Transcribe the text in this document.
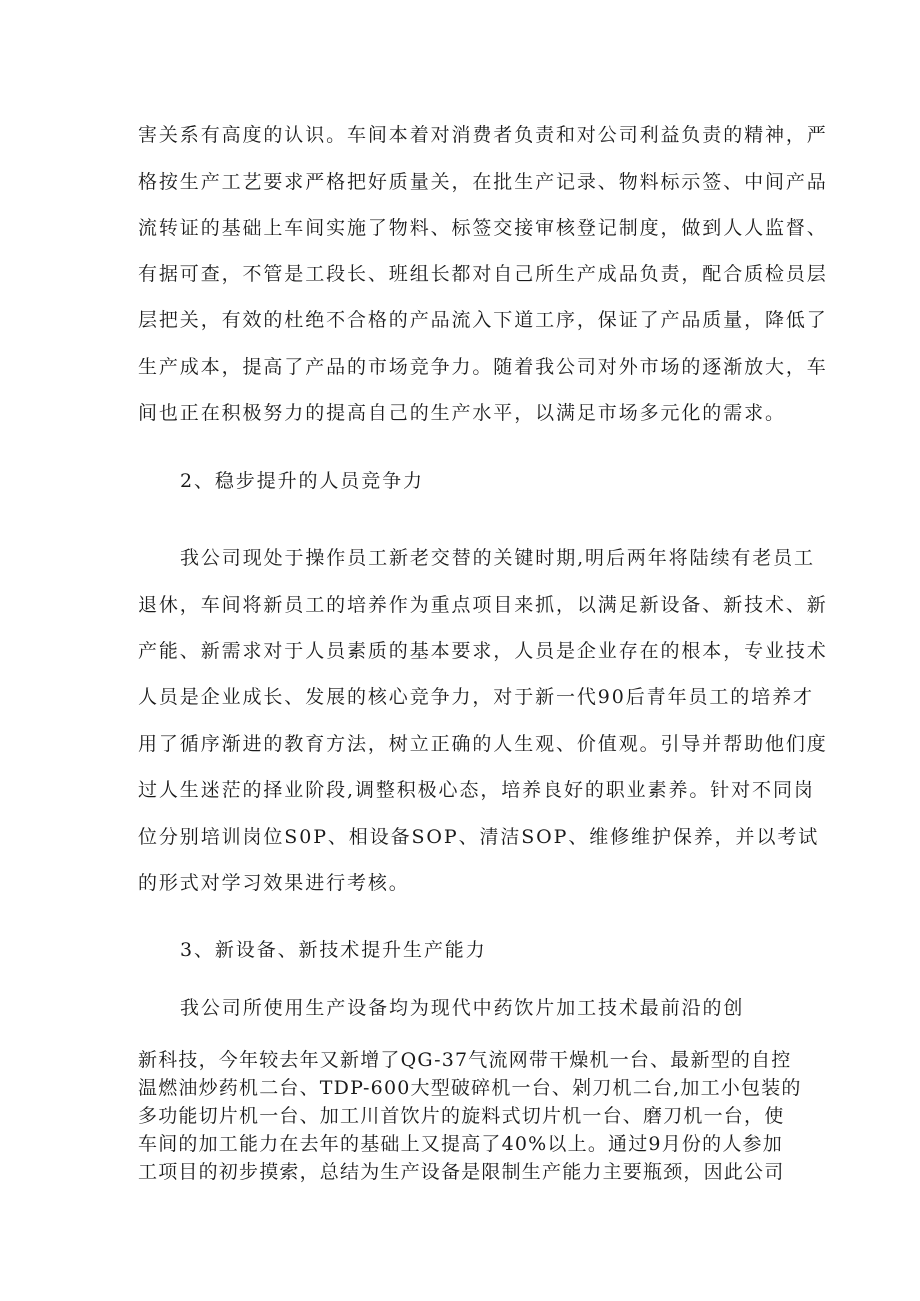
害关系有高度的认识。车间本着对消费者负责和对公司利益负责的精神，严
格按生产工艺要求严格把好质量关，在批生产记录、物料标示签、中间产品
流转证的基础上车间实施了物料、标签交接审核登记制度，做到人人监督、
有据可查，不管是工段长、班组长都对自己所生产成品负责，配合质检员层
层把关，有效的杜绝不合格的产品流入下道工序，保证了产品质量，降低了
生产成本，提高了产品的市场竞争力。随着我公司对外市场的逐渐放大，车
间也正在积极努力的提高自己的生产水平，以满足市场多元化的需求。
2、稳步提升的人员竞争力
我公司现处于操作员工新老交替的关键时期,明后两年将陆续有老员工
退休，车间将新员工的培养作为重点项目来抓，以满足新设备、新技术、新
产能、新需求对于人员素质的基本要求，人员是企业存在的根本，专业技术
人员是企业成长、发展的核心竞争力，对于新一代90后青年员工的培养才
用了循序渐进的教育方法，树立正确的人生观、价值观。引导并帮助他们度
过人生迷茫的择业阶段,调整积极心态，培养良好的职业素养。针对不同岗
位分别培训岗位S0P、相设备SOP、清洁SOP、维修维护保养，并以考试
的形式对学习效果进行考核。
3、新设备、新技术提升生产能力
我公司所使用生产设备均为现代中药饮片加工技术最前沿的创
新科技，今年较去年又新增了QG-37气流网带干燥机一台、最新型的自控
温燃油炒药机二台、TDP-600大型破碎机一台、剁刀机二台,加工小包装的
多功能切片机一台、加工川首饮片的旋料式切片机一台、磨刀机一台，使
车间的加工能力在去年的基础上又提高了40%以上。通过9月份的人参加
工项目的初步摸索，总结为生产设备是限制生产能力主要瓶颈，因此公司
